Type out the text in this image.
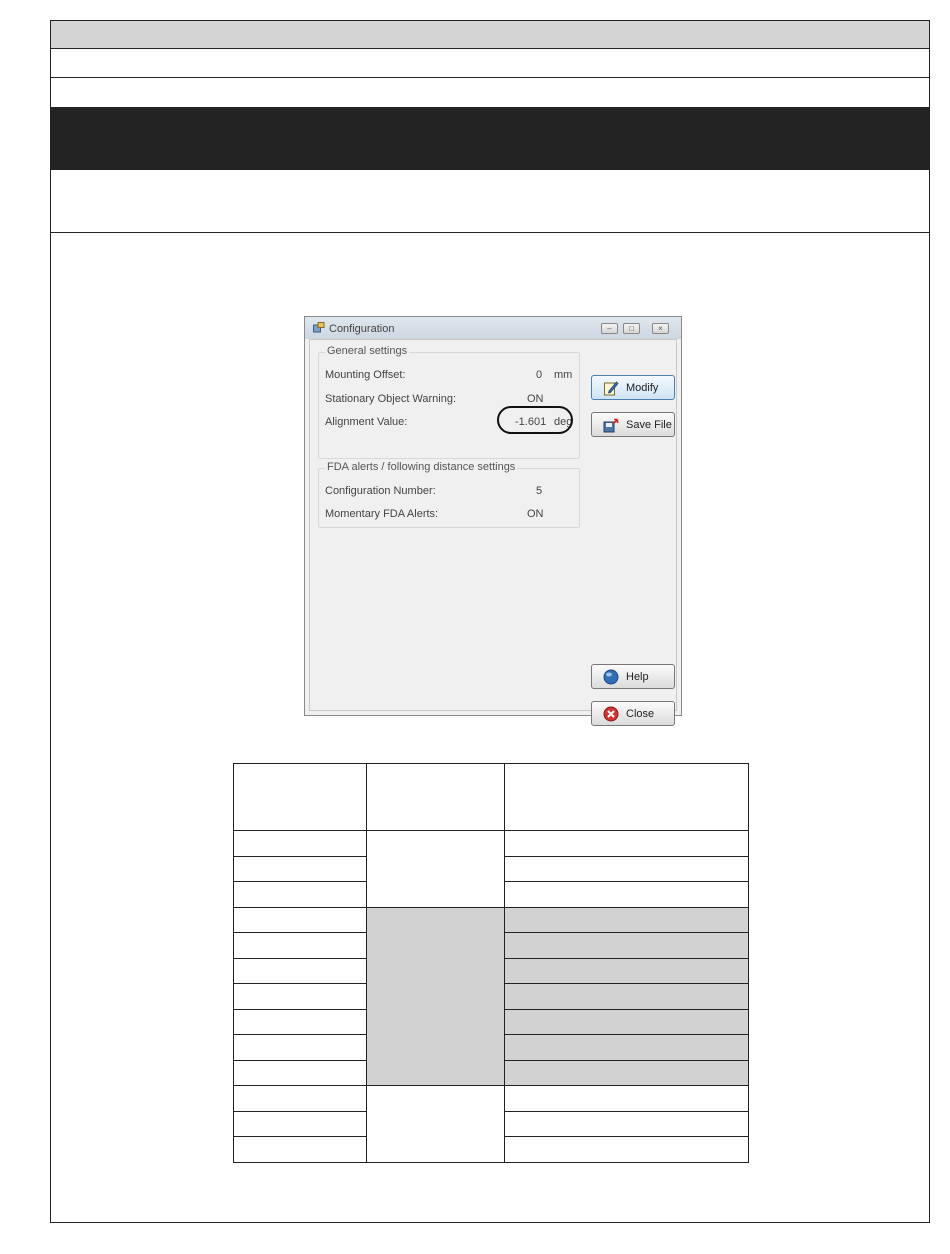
Configuration	–	□	×
General settings
Mounting Offset:	0 mm
Stationary Object Warning:	ON
Alignment Value:	-1.601 deg
FDA alerts / following distance settings
Configuration Number:	5
Momentary FDA Alerts:	ON
Modify
Save File
Help
Close
